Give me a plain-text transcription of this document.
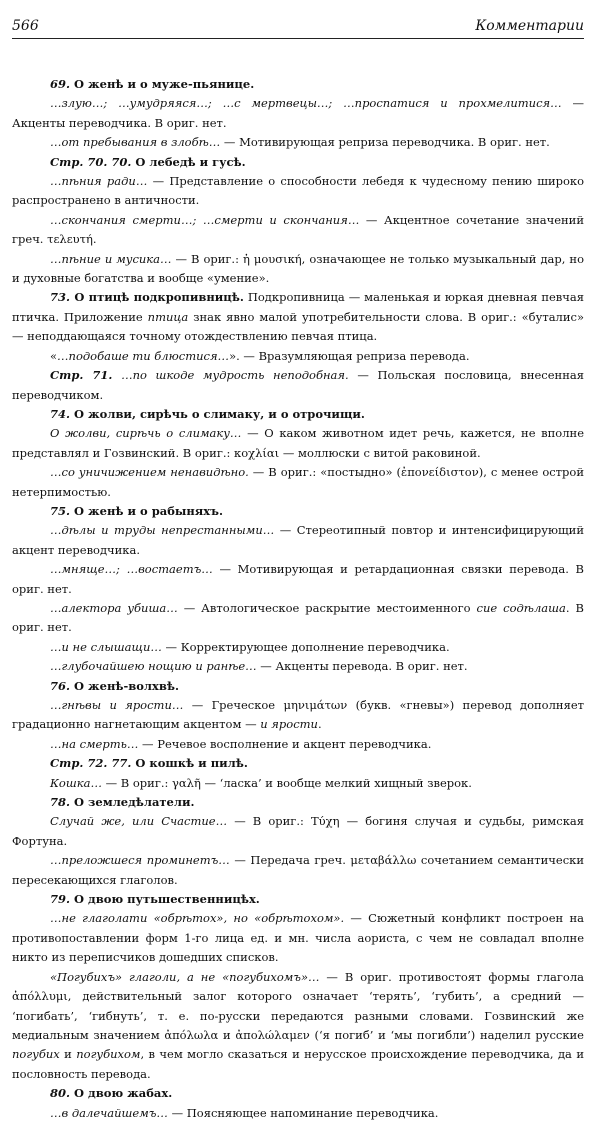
566	Комментарии

69. О женѣ и о муже-пьянице.

…злую…; …умудряяся…; …с мертвецы…; …проспатися и прохмелитися… — Акценты переводчика. В ориг. нет.

…от пребывания в злобѣ… — Мотивирующая реприза переводчика. В ориг. нет.

Стр. 70. 70. О лебедѣ и гусѣ.

…пѣния ради… — Представление о способности лебедя к чудесному пению широко распространено в античности.

…скончания смерти…; …смерти и скончания… — Акцентное сочетание значений греч. τελευτή.

…пѣние и мусика… — В ориг.: ἡ μουσική, означающее не только музыкальный дар, но и духовные богатства и вообще «умение».

73. О птицѣ подкропивницѣ. Подкропивница — маленькая и юркая дневная певчая птичка. Приложение птица знак явно малой употребительности слова. В ориг.: «буталис» — неподдающаяся точному отождествлению певчая птица.

«…подобаше ти блюстися…». — Вразумляющая реприза перевода.

Стр. 71. …по шкоде мудрость неподобная. — Польская пословица, внесенная переводчиком.

74. О жолви, сирѣчь о слимаку, и о отрочищи.

О жолви, сирѣчь о слимаку… — О каком животном идет речь, кажется, не вполне представлял и Гозвинский. В ориг.: κοχλίαι — моллюски с витой раковиной.

…со уничижением ненавидѣно. — В ориг.: «постыдно» (ἐπονείδιστον), с менее острой нетерпимостью.

75. О женѣ и о рабыняхъ.

…дѣлы и труды непрестанными… — Стереотипный повтор и интенсифицирующий акцент переводчика.

…мняще…; …востаетъ… — Мотивирующая и ретардационная связки перевода. В ориг. нет.

…алектора убиша… — Автологическое раскрытие местоименного сие содѣлаша. В ориг. нет.

…и не слышащи… — Корректирующее дополнение переводчика.

…глубочайшею нощию и ранѣе… — Акценты перевода. В ориг. нет.

76. О женѣ-волхвѣ.

…гнѣвы и ярости… — Греческое μηνιμάτων (букв. «гневы») перевод дополняет градационно нагнетающим акцентом — и ярости.

…на смерть… — Речевое восполнение и акцент переводчика.

Стр. 72. 77. О кошкѣ и пилѣ.

Кошка… — В ориг.: γαλῆ — ‘ласка’ и вообще мелкий хищный зверок.

78. О земледѣлатели.

Случай же, или Счастие… — В ориг.: Τύχη — богиня случая и судьбы, римская Фортуна.

…преложшеся проминетъ… — Передача греч. μεταβάλλω сочетанием семантически пересекающихся глаголов.

79. О двою путьшественницѣх.

…не глаголати «обрѣтох», но «обрѣтохом». — Сюжетный конфликт построен на противопоставлении форм 1-го лица ед. и мн. числа аориста, с чем не совладал вполне никто из переписчиков дошедших списков.

«Погубихъ» глаголи, а не «погубихомъ»… — В ориг. противостоят формы глагола ἀπόλλυμι, действительный залог которого означает ‘терять’, ‘губить’, а средний — ‘погибать’, ‘гибнуть’, т. е. по-русски передаются разными словами. Гозвинский же медиальным значением ἀπόλωλα и ἀπολώλαμεν (‘я погиб’ и ‘мы погибли’) наделил русские погубих и погубихом, в чем могло сказаться и нерусское происхождение переводчика, да и пословность перевода.

80. О двою жабах.

…в далечайшемъ… — Поясняющее напоминание переводчика.
